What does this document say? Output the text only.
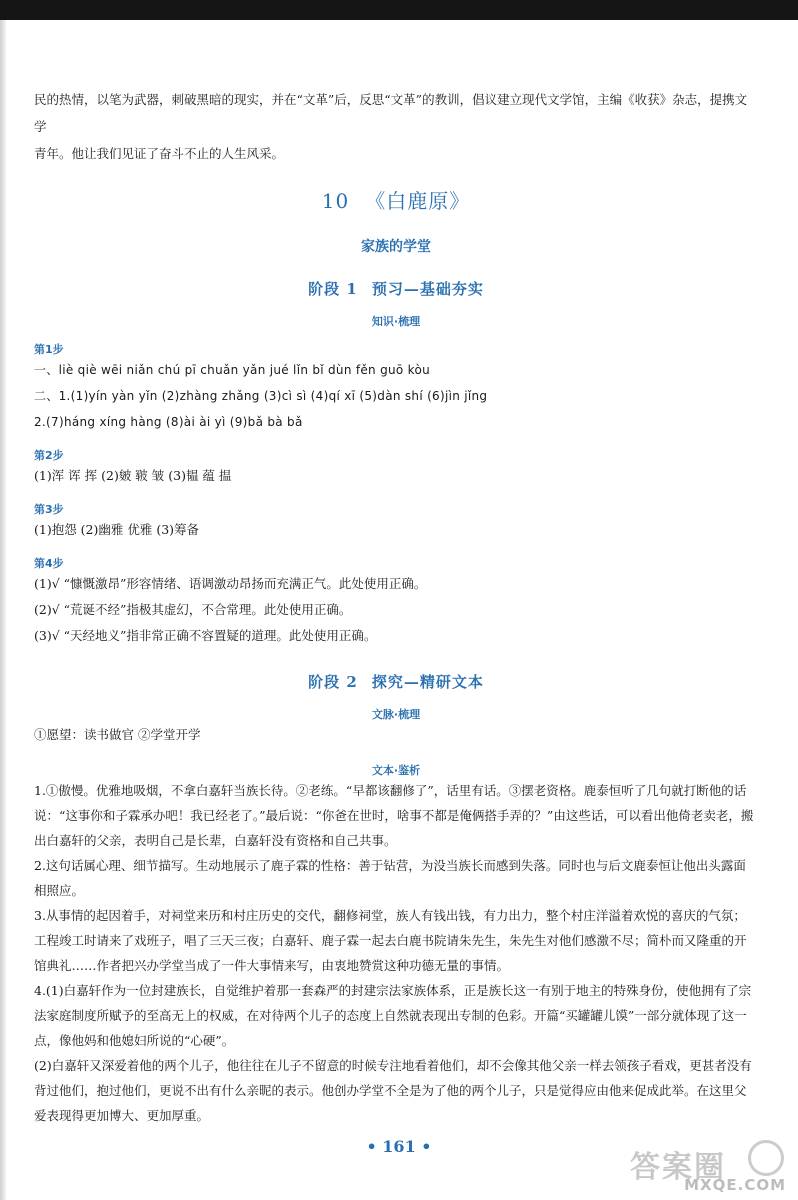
民的热情，以笔为武器，刺破黑暗的现实，并在“文革”后，反思“文革”的教训，倡议建立现代文学馆，主编《收获》杂志，提携文学

青年。他让我们见证了奋斗不止的人生风采。

10 《白鹿原》
家族的学堂
阶段 1 预习—基础夯实
知识·梳理
第1步

一、liè qiè wēi niǎn chú pī chuǎn yǎn jué lǐn bǐ dùn fěn guō kòu

二、1.(1)yín yàn yǐn (2)zhàng zhǎng (3)cì sì (4)qí xī (5)dàn shí (6)jìn jǐng

2.(7)háng xíng hàng (8)ài ài yì (9)bǎ bà bǎ

第2步

(1)浑 诨 挥 (2)皴 皲 皱 (3)韫 蕴 揾

第3步

(1)抱怨 (2)幽雅 优雅 (3)筹备

第4步

(1)√ “慷慨激昂”形容情绪、语调激动昂扬而充满正气。此处使用正确。

(2)√ “荒诞不经”指极其虚幻，不合常理。此处使用正确。

(3)√ “天经地义”指非常正确不容置疑的道理。此处使用正确。

阶段 2 探究—精研文本
文脉·梳理

①愿望：读书做官 ②学堂开学

文本·鉴析

1.①傲慢。优雅地吸烟，不拿白嘉轩当族长待。②老练。“早都该翻修了”，话里有话。③摆老资格。鹿泰恒听了几句就打断他的话说：“这事你和子霖承办吧！我已经老了。”最后说：“你爸在世时，啥事不都是俺俩搭手弄的？”由这些话，可以看出他倚老卖老，搬出白嘉轩的父亲，表明自己是长辈，白嘉轩没有资格和自己共事。

2.这句话属心理、细节描写。生动地展示了鹿子霖的性格：善于钻营，为没当族长而感到失落。同时也与后文鹿泰恒让他出头露面相照应。

3.从事情的起因着手，对祠堂来历和村庄历史的交代，翻修祠堂，族人有钱出钱，有力出力，整个村庄洋溢着欢悦的喜庆的气氛；工程竣工时请来了戏班子，唱了三天三夜；白嘉轩、鹿子霖一起去白鹿书院请朱先生，朱先生对他们感激不尽；简朴而又隆重的开馆典礼……作者把兴办学堂当成了一件大事情来写，由衷地赞赏这种功德无量的事情。

4.(1)白嘉轩作为一位封建族长，自觉维护着那一套森严的封建宗法家族体系，正是族长这一有别于地主的特殊身份，使他拥有了宗法家庭制度所赋予的至高无上的权威，在对待两个儿子的态度上自然就表现出专制的色彩。开篇“买罐罐儿馍”一部分就体现了这一点，像他妈和他媳妇所说的“心硬”。

(2)白嘉轩又深爱着他的两个儿子，他往往在儿子不留意的时候专注地看着他们，却不会像其他父亲一样去领孩子看戏，更甚者没有背过他们，抱过他们，更说不出有什么亲昵的表示。他创办学堂不全是为了他的两个儿子，只是觉得应由他来促成此举。在这里父爱表现得更加博大、更加厚重。

• 161 •
答案圈
MXQE.COM
